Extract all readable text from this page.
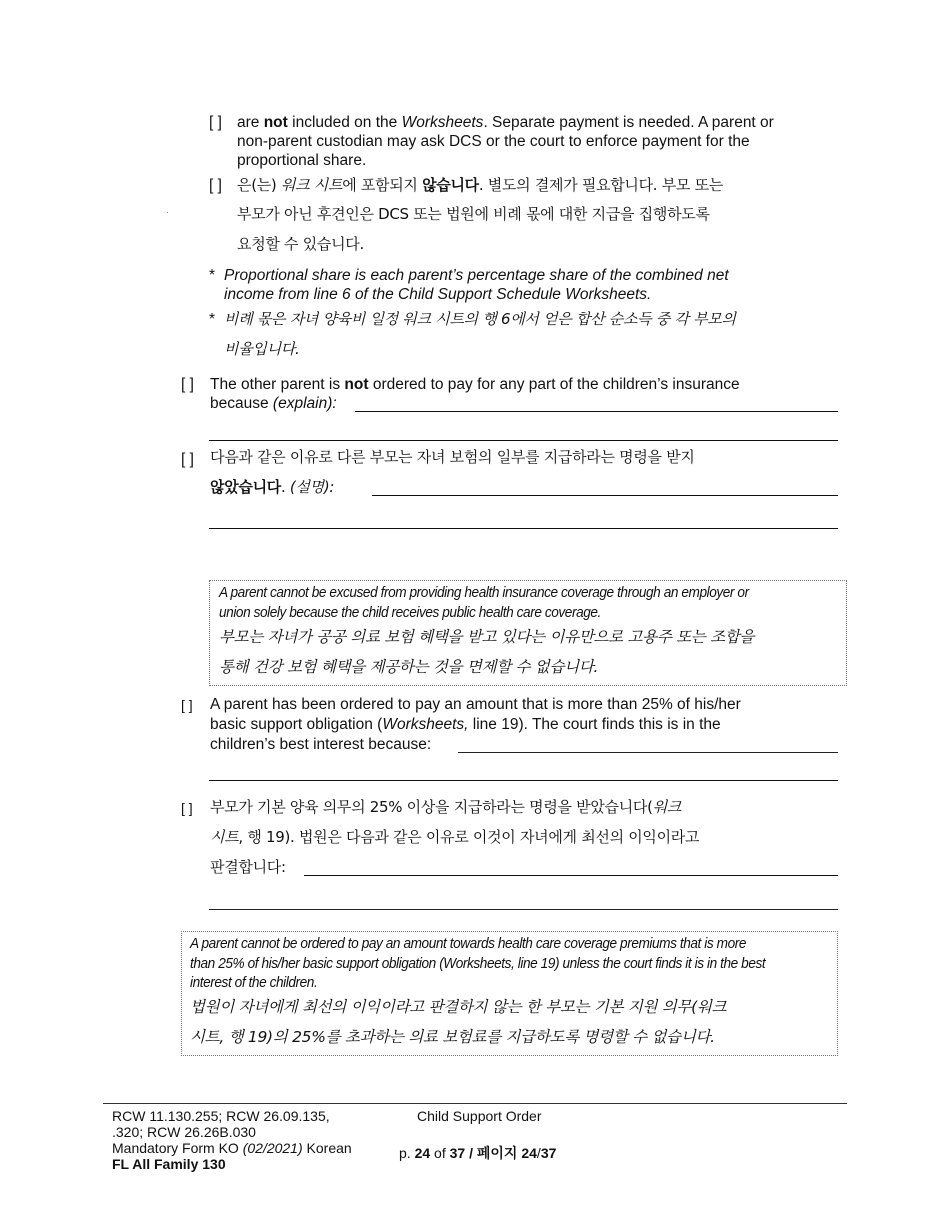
[ ] are not included on the Worksheets. Separate payment is needed. A parent or
non-parent custodian may ask DCS or the court to enforce payment for the
proportional share.
[ ] 은(는) 워크 시트에 포함되지 않습니다. 별도의 결제가 필요합니다. 부모 또는
부모가 아닌 후견인은 DCS 또는 법원에 비례 몫에 대한 지급을 집행하도록
요청할 수 있습니다.
* Proportional share is each parent’s percentage share of the combined net
income from line 6 of the Child Support Schedule Worksheets.
* 비례 몫은 자녀 양육비 일정 워크 시트의 행 6에서 얻은 합산 순소득 중 각 부모의
비율입니다.
[ ] The other parent is not ordered to pay for any part of the children’s insurance
because (explain):
[ ] 다음과 같은 이유로 다른 부모는 자녀 보험의 일부를 지급하라는 명령을 받지
않았습니다. (설명):
A parent cannot be excused from providing health insurance coverage through an employer or
union solely because the child receives public health care coverage.
부모는 자녀가 공공 의료 보험 혜택을 받고 있다는 이유만으로 고용주 또는 조합을
통해 건강 보험 혜택을 제공하는 것을 면제할 수 없습니다.
[ ] A parent has been ordered to pay an amount that is more than 25% of his/her
basic support obligation (Worksheets, line 19). The court finds this is in the
children’s best interest because:
[ ] 부모가 기본 양육 의무의 25% 이상을 지급하라는 명령을 받았습니다(워크
시트, 행 19). 법원은 다음과 같은 이유로 이것이 자녀에게 최선의 이익이라고
판결합니다:
A parent cannot be ordered to pay an amount towards health care coverage premiums that is more
than 25% of his/her basic support obligation (Worksheets, line 19) unless the court finds it is in the best
interest of the children.
법원이 자녀에게 최선의 이익이라고 판결하지 않는 한 부모는 기본 지원 의무(워크
시트, 행 19)의 25%를 초과하는 의료 보험료를 지급하도록 명령할 수 없습니다.
RCW 11.130.255; RCW 26.09.135,
.320; RCW 26.26B.030
Mandatory Form KO (02/2021) Korean
FL All Family 130
Child Support Order
p. 24 of 37 / 페이지 24/37
